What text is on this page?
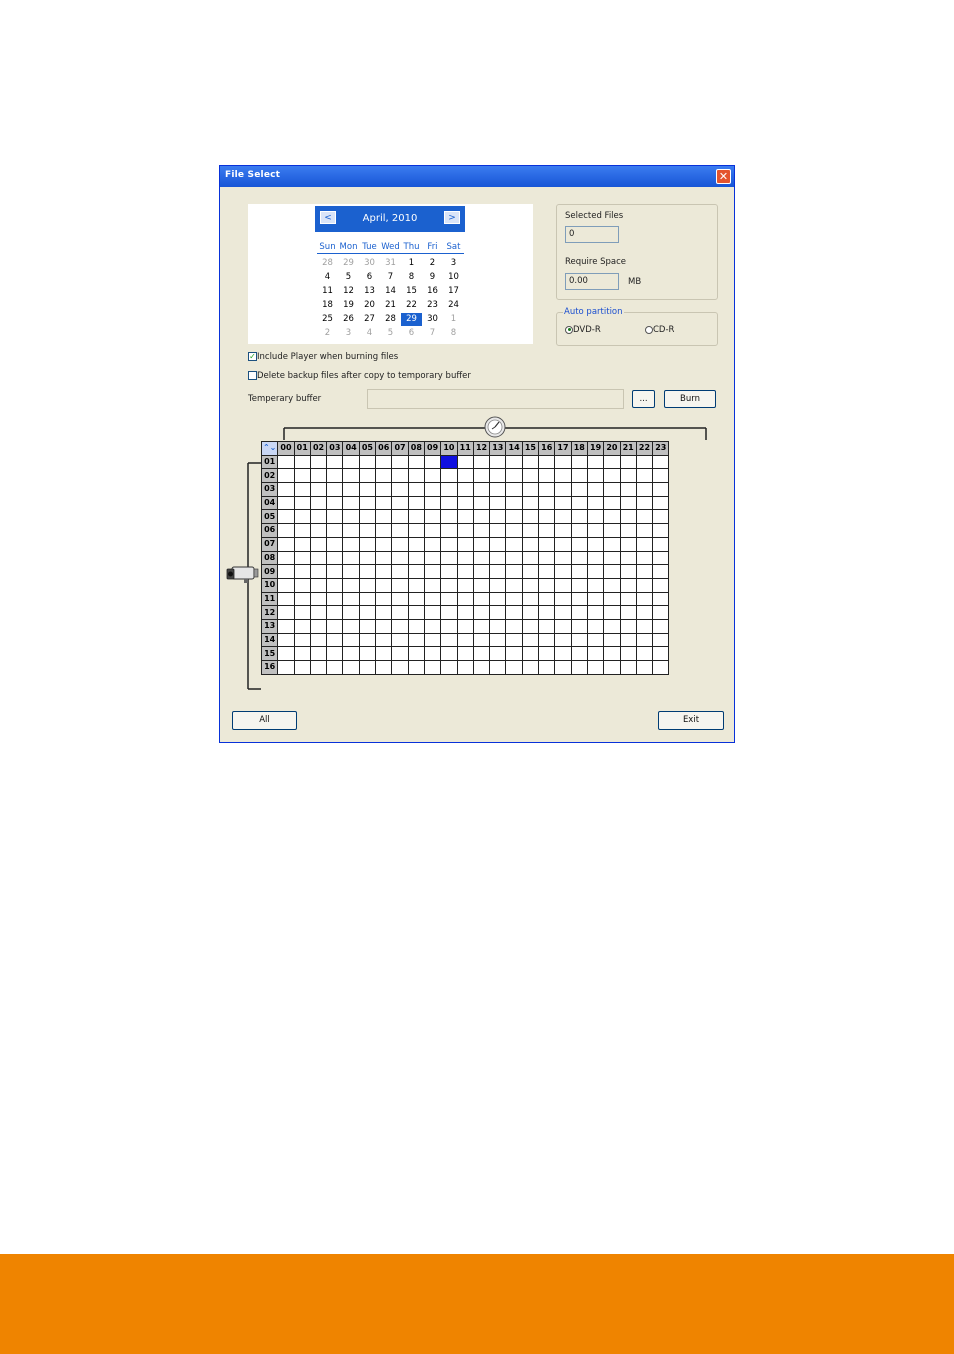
File Select	✕
<	April, 2010	>
Sun Mon Tue Wed Thu Fri Sat
28 29 30 31 1 2 3
4 5 6 7 8 9 10
11 12 13 14 15 16 17
18 19 20 21 22 23 24
25 26 27 28 29 30 1
2 3 4 5 6 7 8
Selected Files
0
Require Space
0.00	MB
Auto partition
DVD-R	CD-R
✓Include Player when burning files
Delete backup files after copy to temporary buffer
Temperary buffer	...	Burn
⌃⌄	00	01	02	03	04	05	06	07	08	09	10	11	12	13	14	15	16	17	18	19	20	21	22	23
01																								
02																								
03																								
04																								
05																								
06																								
07																								
08																								
09																								
10																								
11																								
12																								
13																								
14																								
15																								
16																								
All	Exit
